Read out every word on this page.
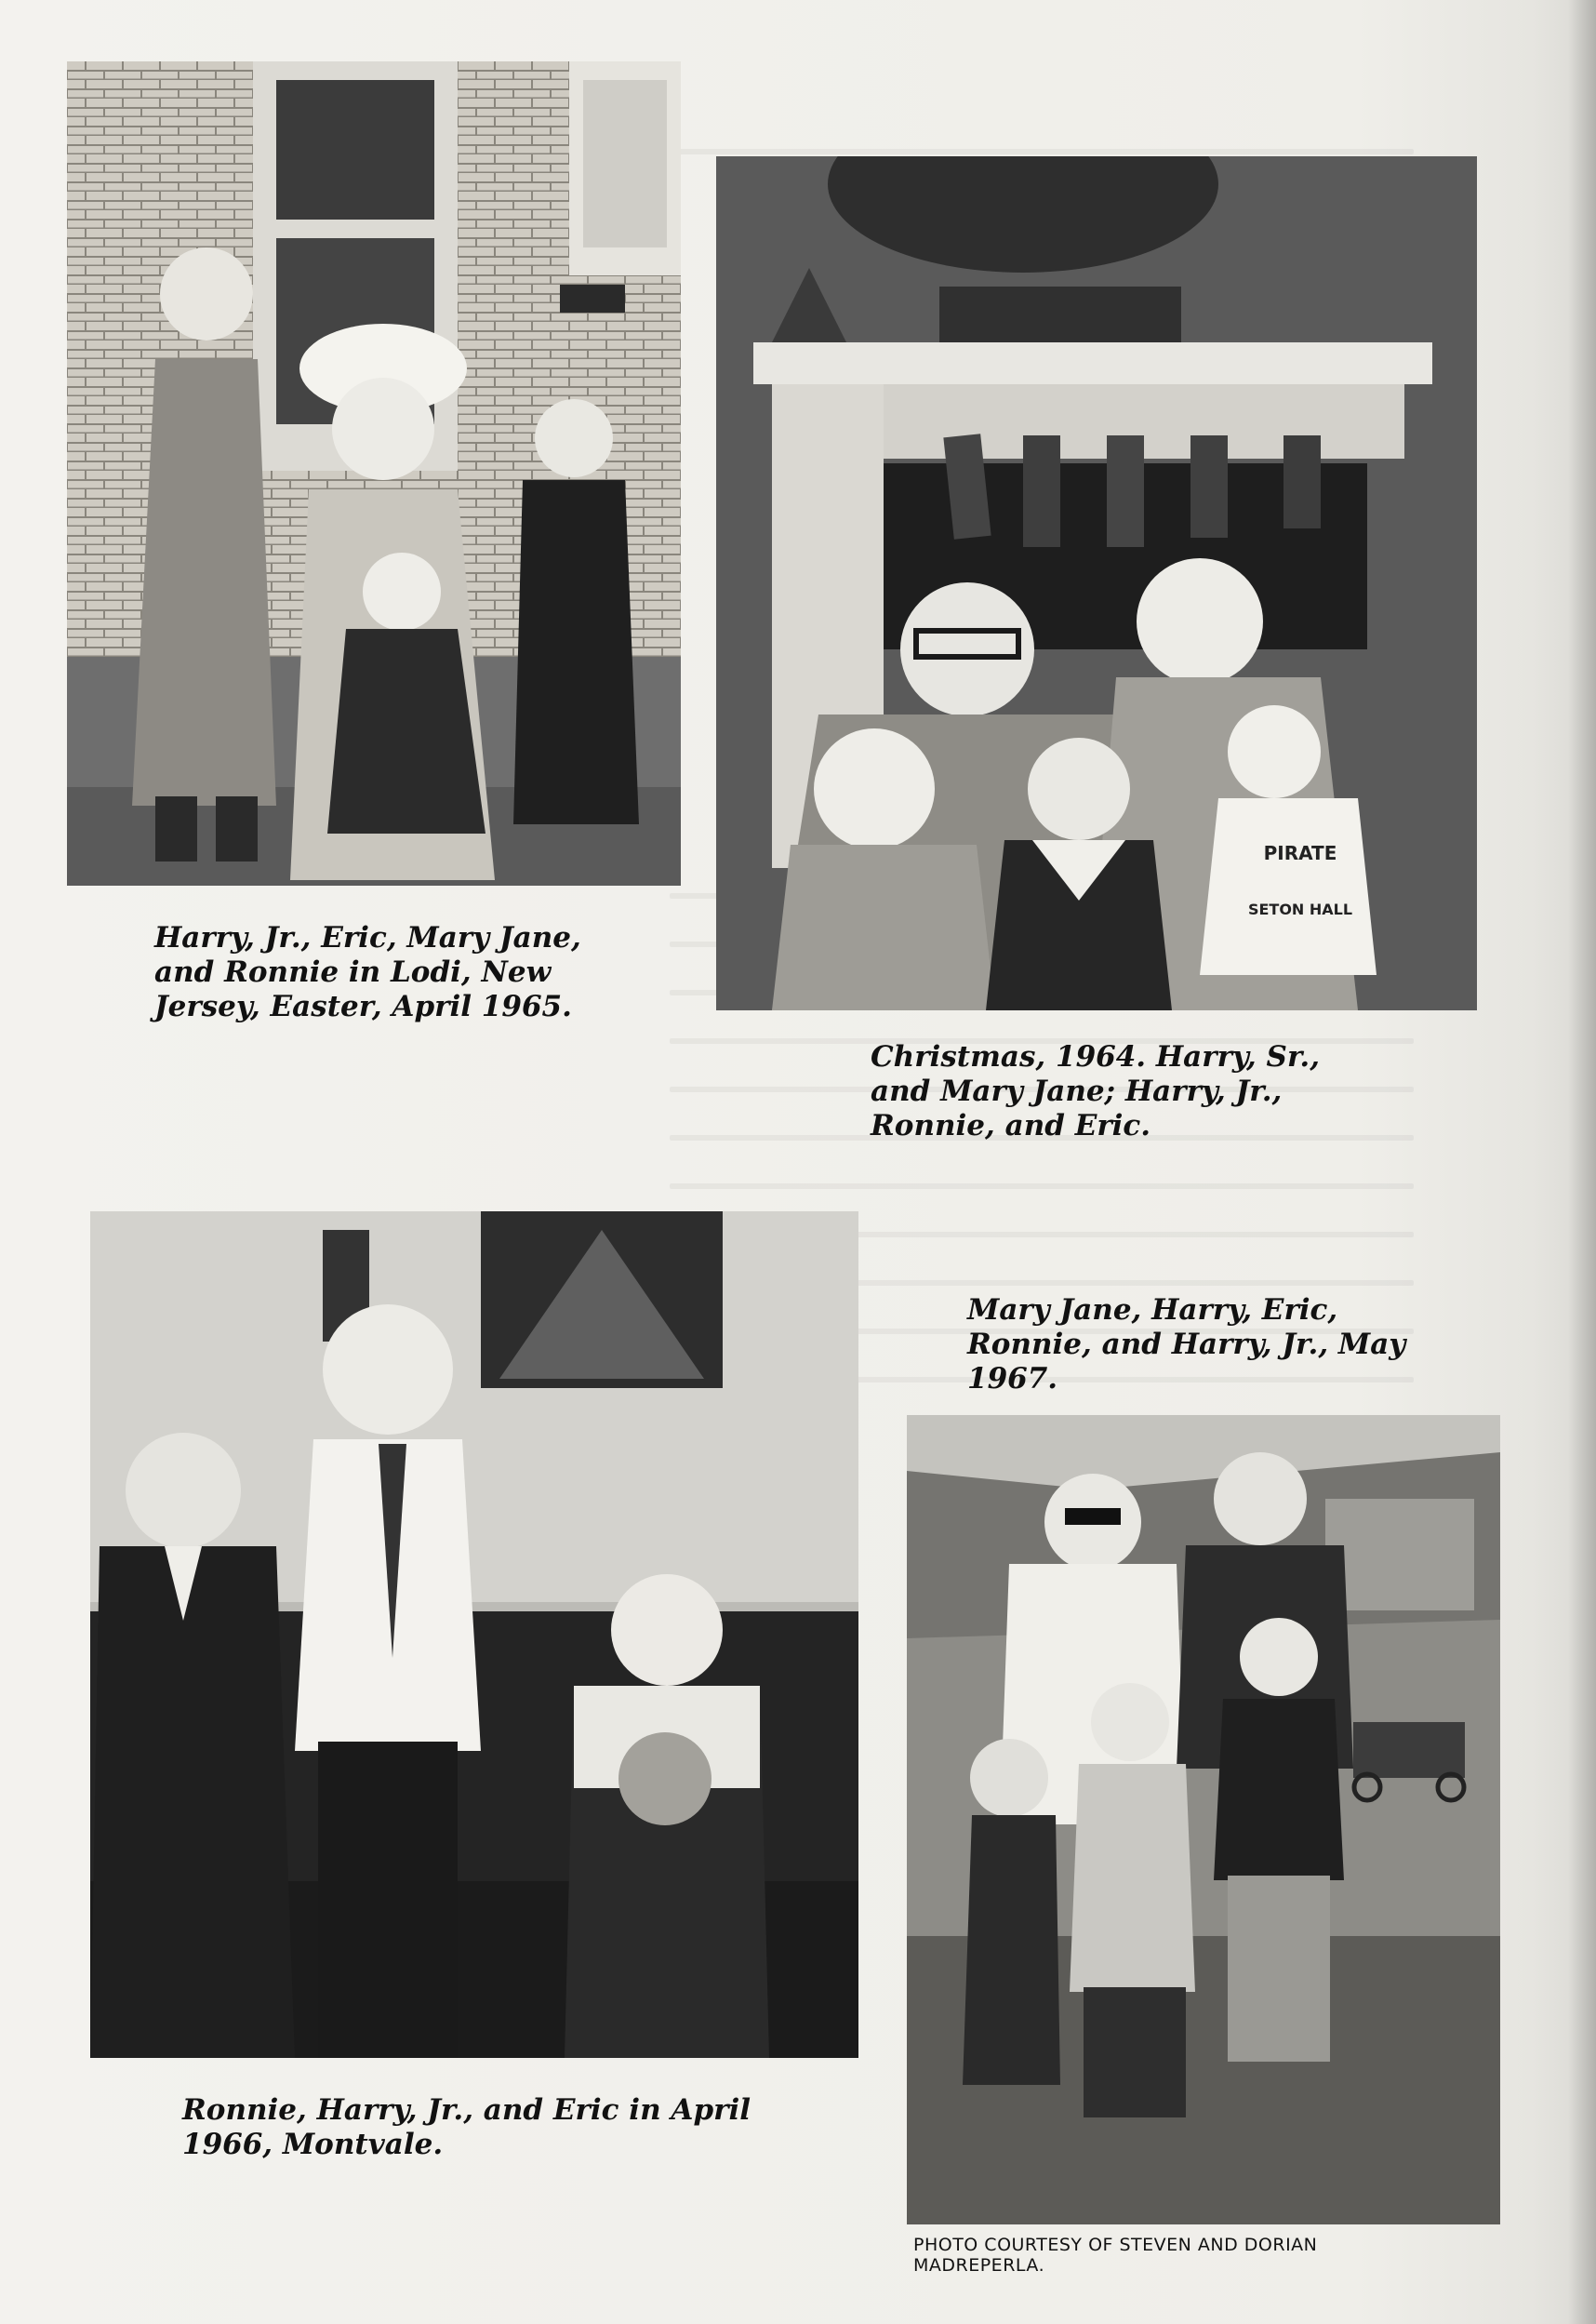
PIRATE
SETON HALL

Harry, Jr., Eric, Mary Jane, and Ronnie in Lodi, New Jersey, Easter, April 1965.

Christmas, 1964. Harry, Sr., and Mary Jane; Harry, Jr., Ronnie, and Eric.

Mary Jane, Harry, Eric, Ronnie, and Harry, Jr., May 1967.

Ronnie, Harry, Jr., and Eric in April 1966, Montvale.

PHOTO COURTESY OF STEVEN AND DORIAN MADREPERLA.
